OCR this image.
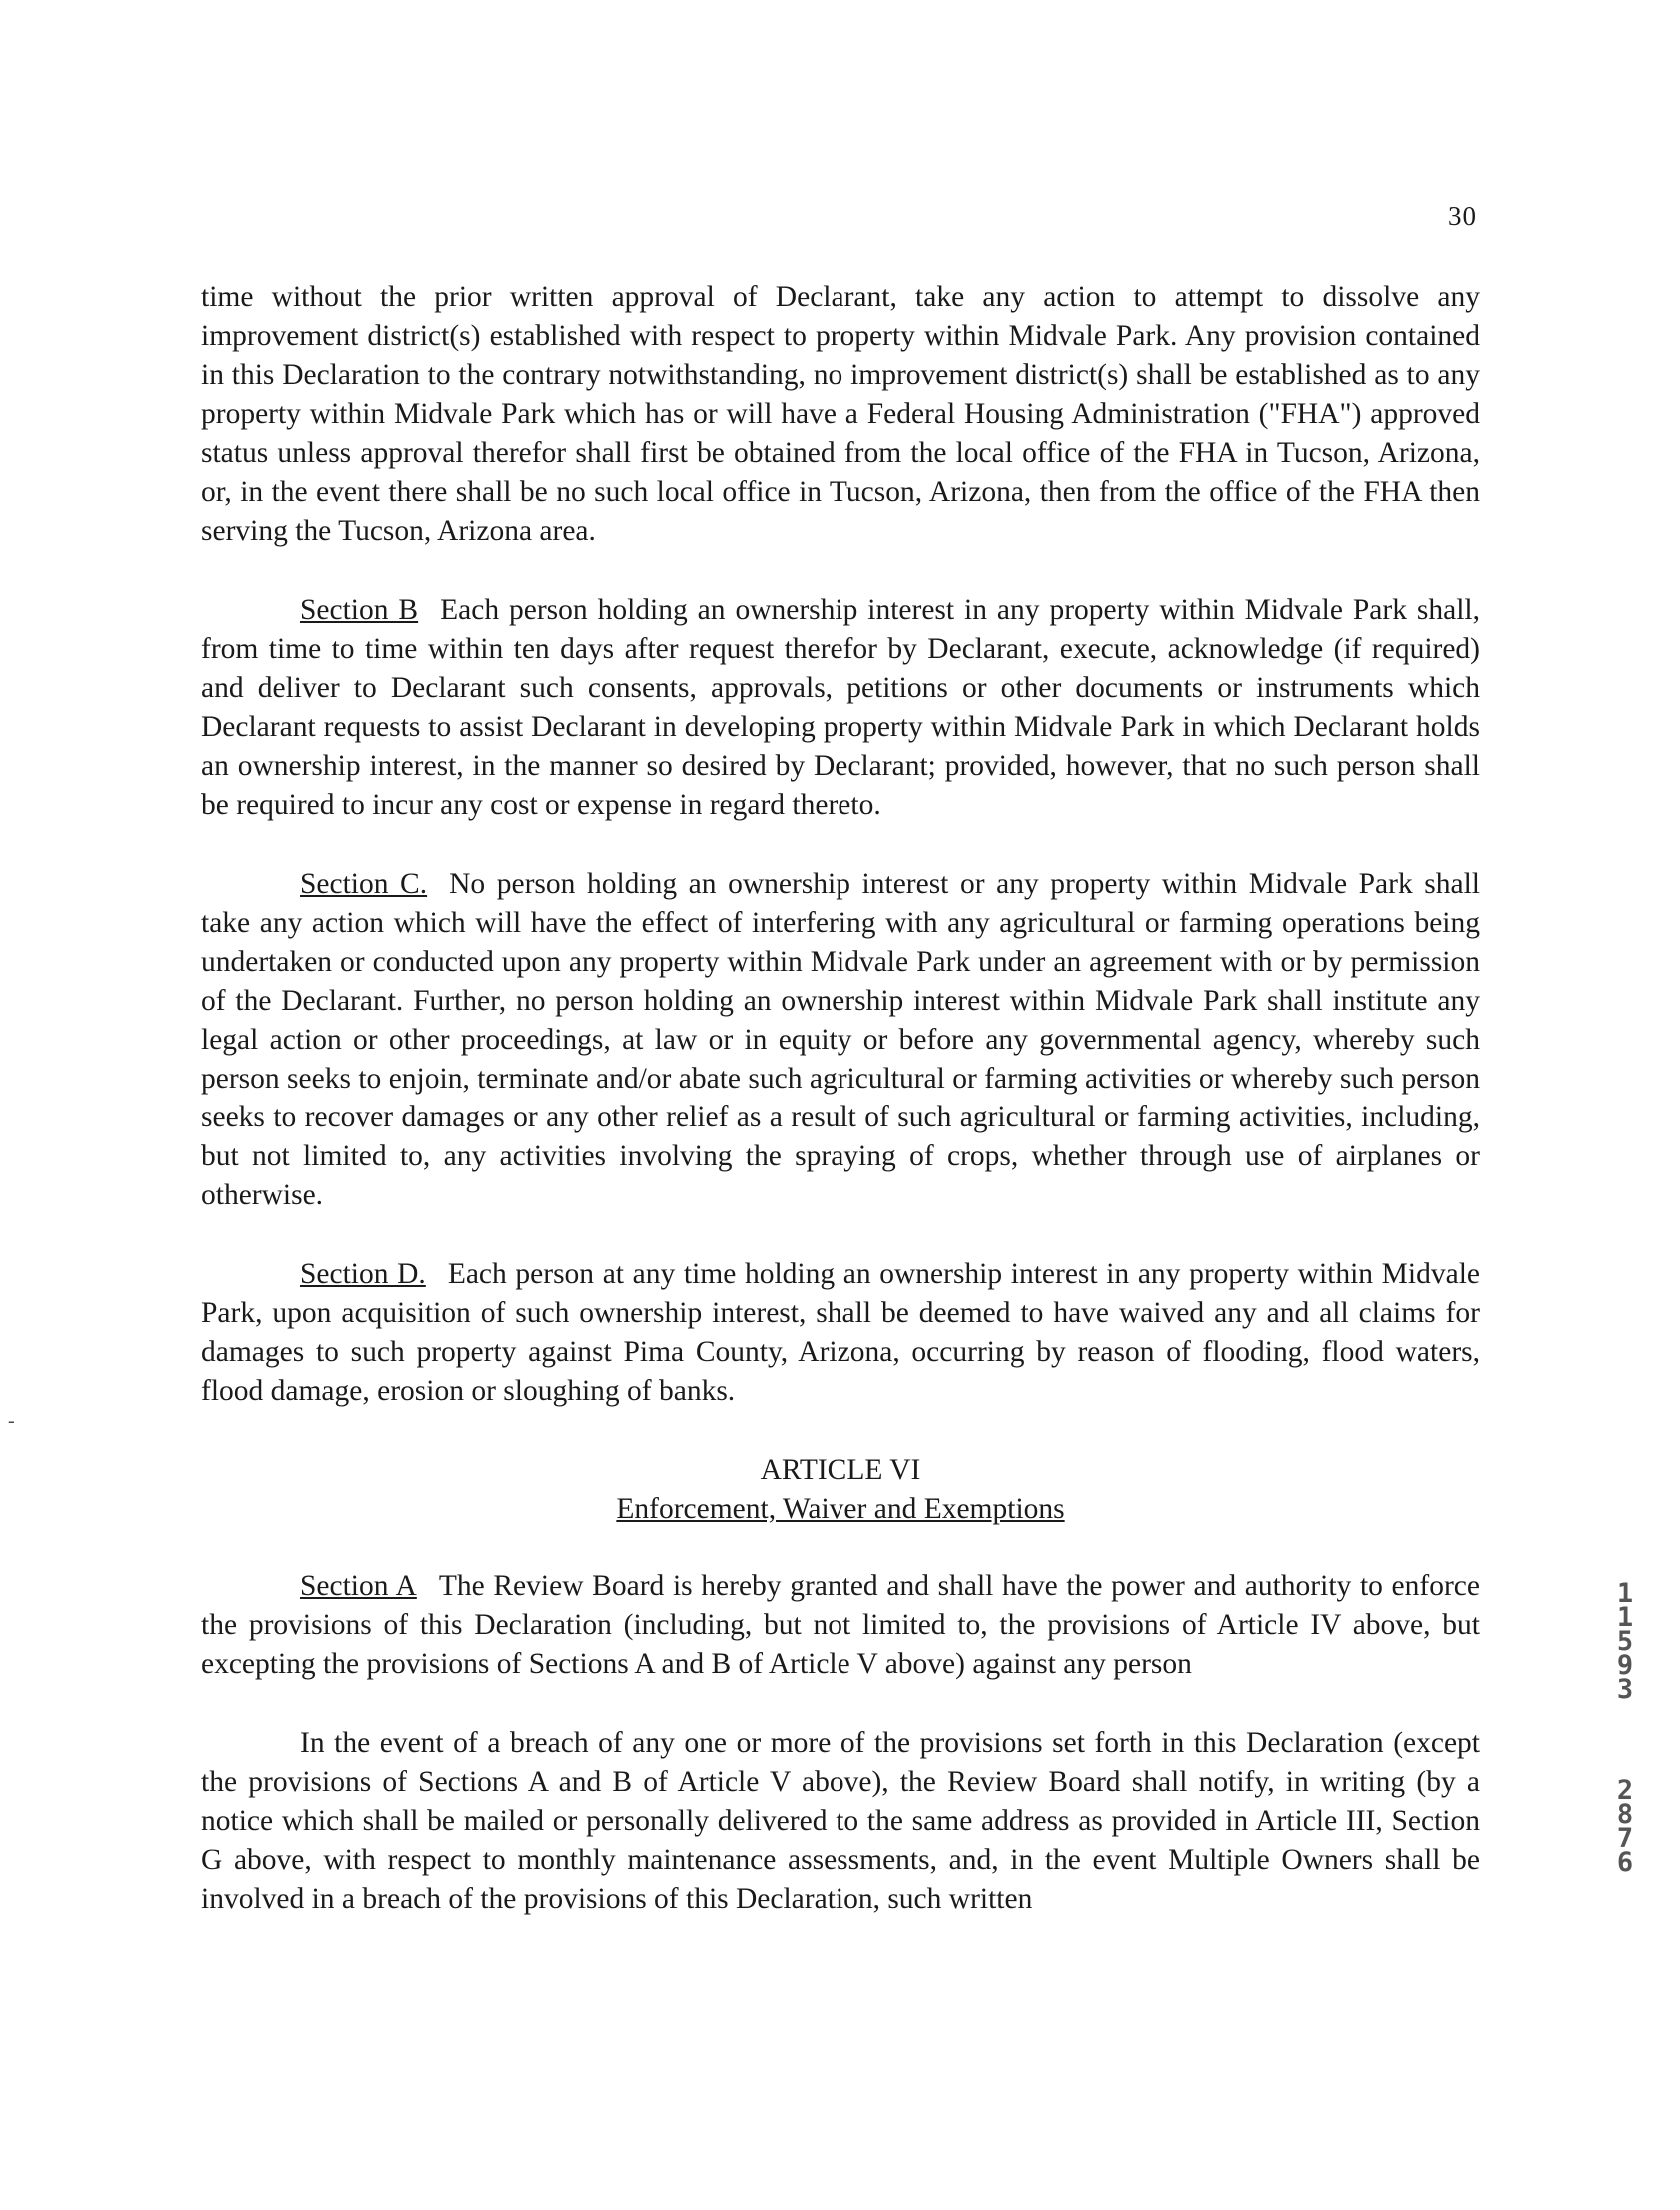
30
-

time without the prior written approval of Declarant, take any action to attempt to dissolve any improvement district(s) established with respect to property within Midvale Park. Any provision contained in this Declaration to the contrary notwithstanding, no improvement district(s) shall be established as to any property within Midvale Park which has or will have a Federal Housing Administration ("FHA") approved status unless approval therefor shall first be obtained from the local office of the FHA in Tucson, Arizona, or, in the event there shall be no such local office in Tucson, Arizona, then from the office of the FHA then serving the Tucson, Arizona area.

Section B Each person holding an ownership interest in any property within Midvale Park shall, from time to time within ten days after request therefor by Declarant, execute, acknowledge (if required) and deliver to Declarant such consents, approvals, petitions or other documents or instruments which Declarant requests to assist Declarant in developing property within Midvale Park in which Declarant holds an ownership interest, in the manner so desired by Declarant; provided, however, that no such person shall be required to incur any cost or expense in regard thereto.

Section C. No person holding an ownership interest or any property within Midvale Park shall take any action which will have the effect of interfering with any agricultural or farming operations being undertaken or conducted upon any property within Midvale Park under an agreement with or by permission of the Declarant. Further, no person holding an ownership interest within Midvale Park shall institute any legal action or other proceedings, at law or in equity or before any governmental agency, whereby such person seeks to enjoin, terminate and/or abate such agricultural or farming activities or whereby such person seeks to recover damages or any other relief as a result of such agricultural or farming activities, including, but not limited to, any activities involving the spraying of crops, whether through use of airplanes or otherwise.

Section D. Each person at any time holding an ownership interest in any property within Midvale Park, upon acquisition of such ownership interest, shall be deemed to have waived any and all claims for damages to such property against Pima County, Arizona, occurring by reason of flooding, flood waters, flood damage, erosion or sloughing of banks.

ARTICLE VI
Enforcement, Waiver and Exemptions

Section A The Review Board is hereby granted and shall have the power and authority to enforce the provisions of this Declaration (including, but not limited to, the provisions of Article IV above, but excepting the provisions of Sections A and B of Article V above) against any person

In the event of a breach of any one or more of the provisions set forth in this Declaration (except the provisions of Sections A and B of Article V above), the Review Board shall notify, in writing (by a notice which shall be mailed or personally delivered to the same address as provided in Article III, Section G above, with respect to monthly maintenance assessments, and, in the event Multiple Owners shall be involved in a breach of the provisions of this Declaration, such written

1
1
5
9
3
2
8
7
6
